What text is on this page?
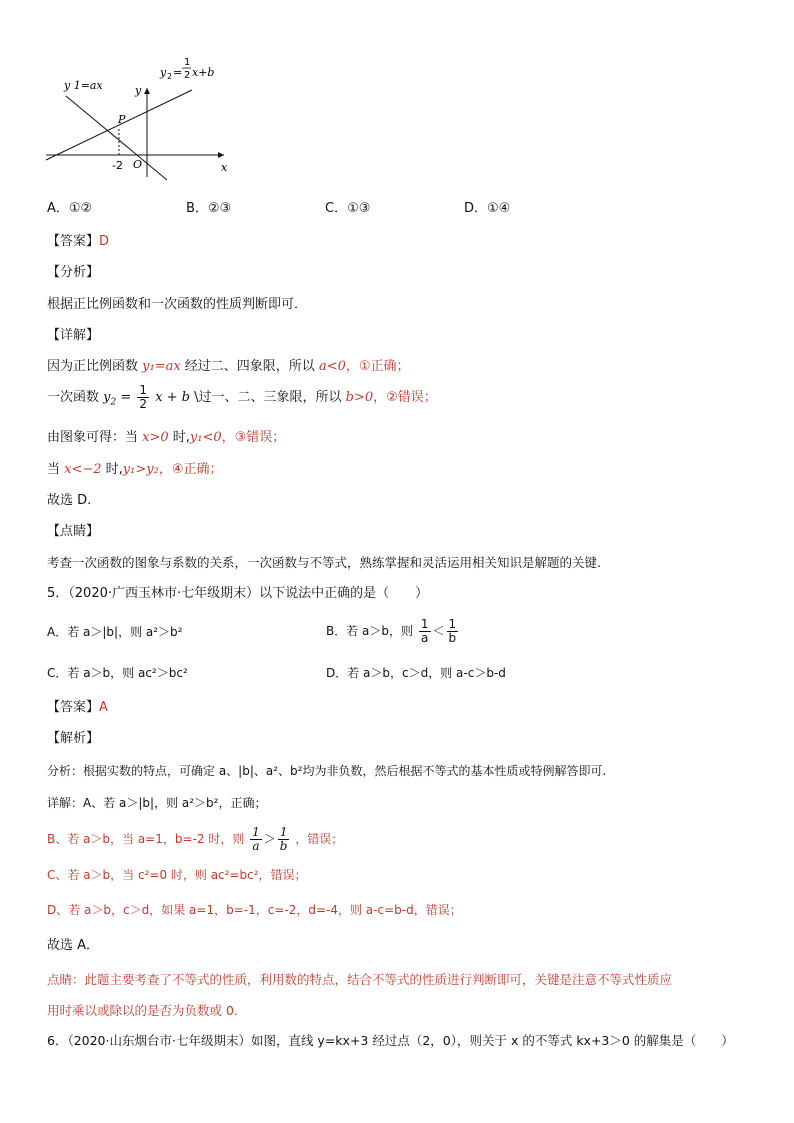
y 1=ax
y 2 =
1
2 x+b
y
x
O
P
-2
A．①②	B．②③	C．①③	D．①④
【答案】D
【分析】
根据正比例函数和一次函数的性质判断即可．
【详解】
因为正比例函数 y₁=ax 经过二、四象限，所以 a<0，①正确；
一次函数 $y_2 = \frac{1}{2}$ x + b \过一、二、三象限，所以 b>0，②错误；
由图象可得：当 x>0 时,y₁<0，③错误；
当 x<−2 时,y₁>y₂，④正确；
故选 D.
【点睛】
考查一次函数的图象与系数的关系，一次函数与不等式，熟练掌握和灵活运用相关知识是解题的关键.
5．（2020·广西玉林市·七年级期末）以下说法中正确的是（　　）
A．若 a＞|b|，则 a²＞b²	B．若 a＞b，则 $\frac{1}{a} < \frac{1}{b}$
C．若 a＞b，则 ac²＞bc²	D．若 a＞b，c＞d，则 a-c＞b-d
【答案】A
【解析】
分析：根据实数的特点，可确定 a、|b|、a²、b²均为非负数，然后根据不等式的基本性质或特例解答即可.
详解：A、若 a＞|b|，则 a²＞b²，正确；
B、若 a＞b，当 a=1，b=-2 时，则 $\frac{1}{a} > \frac{1}{b}$ ，错误；
C、若 a＞b，当 c²=0 时，则 ac²=bc²，错误；
D、若 a＞b，c＞d，如果 a=1，b=-1，c=-2，d=-4，则 a-c=b-d，错误；
故选 A．
点睛：此题主要考查了不等式的性质，利用数的特点，结合不等式的性质进行判断即可，关键是注意不等式性质应
用时乘以或除以的是否为负数或 0.
6．（2020·山东烟台市·七年级期末）如图，直线 y=kx+3 经过点（2，0），则关于 x 的不等式 kx+3＞0 的解集是（　　）
